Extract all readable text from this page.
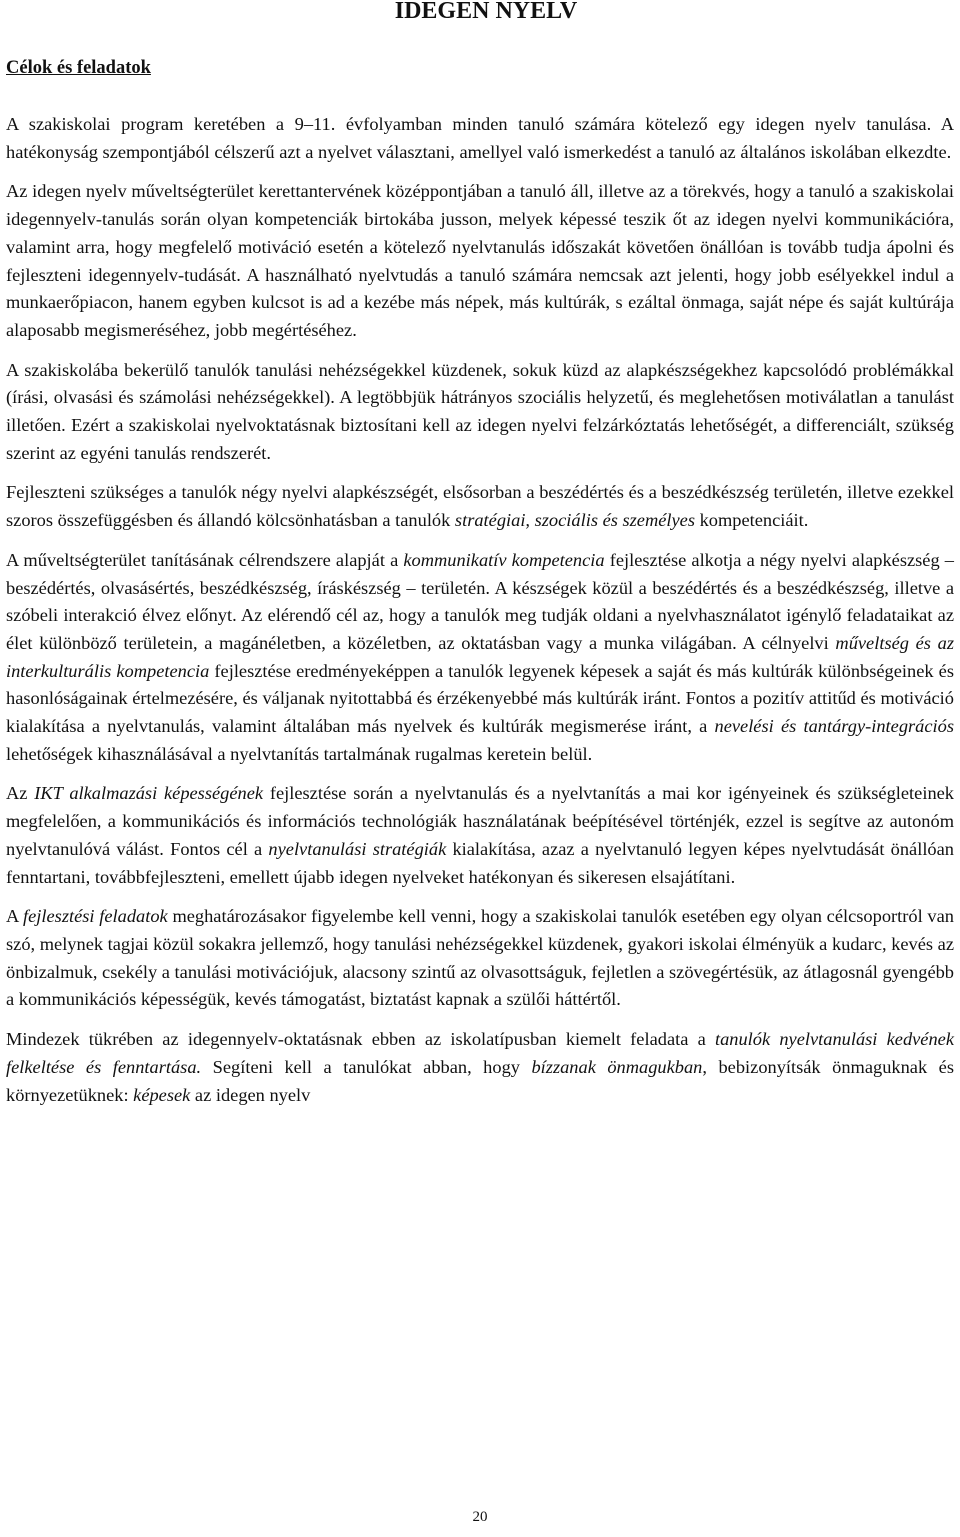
IDEGEN NYELV
Célok és feladatok

A szakiskolai program keretében a 9–11. évfolyamban minden tanuló számára kötelező egy idegen nyelv tanulása. A hatékonyság szempontjából célszerű azt a nyelvet választani, amellyel való ismerkedést a tanuló az általános iskolában elkezdte.

Az idegen nyelv műveltségterület kerettantervének középpontjában a tanuló áll, illetve az a törekvés, hogy a tanuló a szakiskolai idegennyelv-tanulás során olyan kompetenciák birtokába jusson, melyek képessé teszik őt az idegen nyelvi kommunikációra, valamint arra, hogy megfelelő motiváció esetén a kötelező nyelvtanulás időszakát követően önállóan is tovább tudja ápolni és fejleszteni idegennyelv-tudását. A használható nyelvtudás a tanuló számára nemcsak azt jelenti, hogy jobb esélyekkel indul a munkaerőpiacon, hanem egyben kulcsot is ad a kezébe más népek, más kultúrák, s ezáltal önmaga, saját népe és saját kultúrája alaposabb megismeréséhez, jobb megértéséhez.

A szakiskolába bekerülő tanulók tanulási nehézségekkel küzdenek, sokuk küzd az alapkészségekhez kapcsolódó problémákkal (írási, olvasási és számolási nehézségekkel). A legtöbbjük hátrányos szociális helyzetű, és meglehetősen motiválatlan a tanulást illetően. Ezért a szakiskolai nyelvoktatásnak biztosítani kell az idegen nyelvi felzárkóztatás lehetőségét, a differenciált, szükség szerint az egyéni tanulás rendszerét.

Fejleszteni szükséges a tanulók négy nyelvi alapkészségét, elsősorban a beszédértés és a beszédkészség területén, illetve ezekkel szoros összefüggésben és állandó kölcsönhatásban a tanulók stratégiai, szociális és személyes kompetenciáit.

A műveltségterület tanításának célrendszere alapját a kommunikatív kompetencia fejlesztése alkotja a négy nyelvi alapkészség – beszédértés, olvasásértés, beszédkészség, íráskészség – területén. A készségek közül a beszédértés és a beszédkészség, illetve a szóbeli interakció élvez előnyt. Az elérendő cél az, hogy a tanulók meg tudják oldani a nyelvhasználatot igénylő feladataikat az élet különböző területein, a magánéletben, a közéletben, az oktatásban vagy a munka világában. A célnyelvi műveltség és az interkulturális kompetencia fejlesztése eredményeképpen a tanulók legyenek képesek a saját és más kultúrák különbségeinek és hasonlóságainak értelmezésére, és váljanak nyitottabbá és érzékenyebbé más kultúrák iránt. Fontos a pozitív attitűd és motiváció kialakítása a nyelvtanulás, valamint általában más nyelvek és kultúrák megismerése iránt, a nevelési és tantárgy-integrációs lehetőségek kihasználásával a nyelvtanítás tartalmának rugalmas keretein belül.

Az IKT alkalmazási képességének fejlesztése során a nyelvtanulás és a nyelvtanítás a mai kor igényeinek és szükségleteinek megfelelően, a kommunikációs és információs technológiák használatának beépítésével történjék, ezzel is segítve az autonóm nyelvtanulóvá válást. Fontos cél a nyelvtanulási stratégiák kialakítása, azaz a nyelvtanuló legyen képes nyelvtudását önállóan fenntartani, továbbfejleszteni, emellett újabb idegen nyelveket hatékonyan és sikeresen elsajátítani.

A fejlesztési feladatok meghatározásakor figyelembe kell venni, hogy a szakiskolai tanulók esetében egy olyan célcsoportról van szó, melynek tagjai közül sokakra jellemző, hogy tanulási nehézségekkel küzdenek, gyakori iskolai élményük a kudarc, kevés az önbizalmuk, csekély a tanulási motivációjuk, alacsony szintű az olvasottságuk, fejletlen a szövegértésük, az átlagosnál gyengébb a kommunikációs képességük, kevés támogatást, biztatást kapnak a szülői háttértől.

Mindezek tükrében az idegennyelv-oktatásnak ebben az iskolatípusban kiemelt feladata a tanulók nyelvtanulási kedvének felkeltése és fenntartása. Segíteni kell a tanulókat abban, hogy bízzanak önmagukban, bebizonyítsák önmaguknak és környezetüknek: képesek az idegen nyelv

20
